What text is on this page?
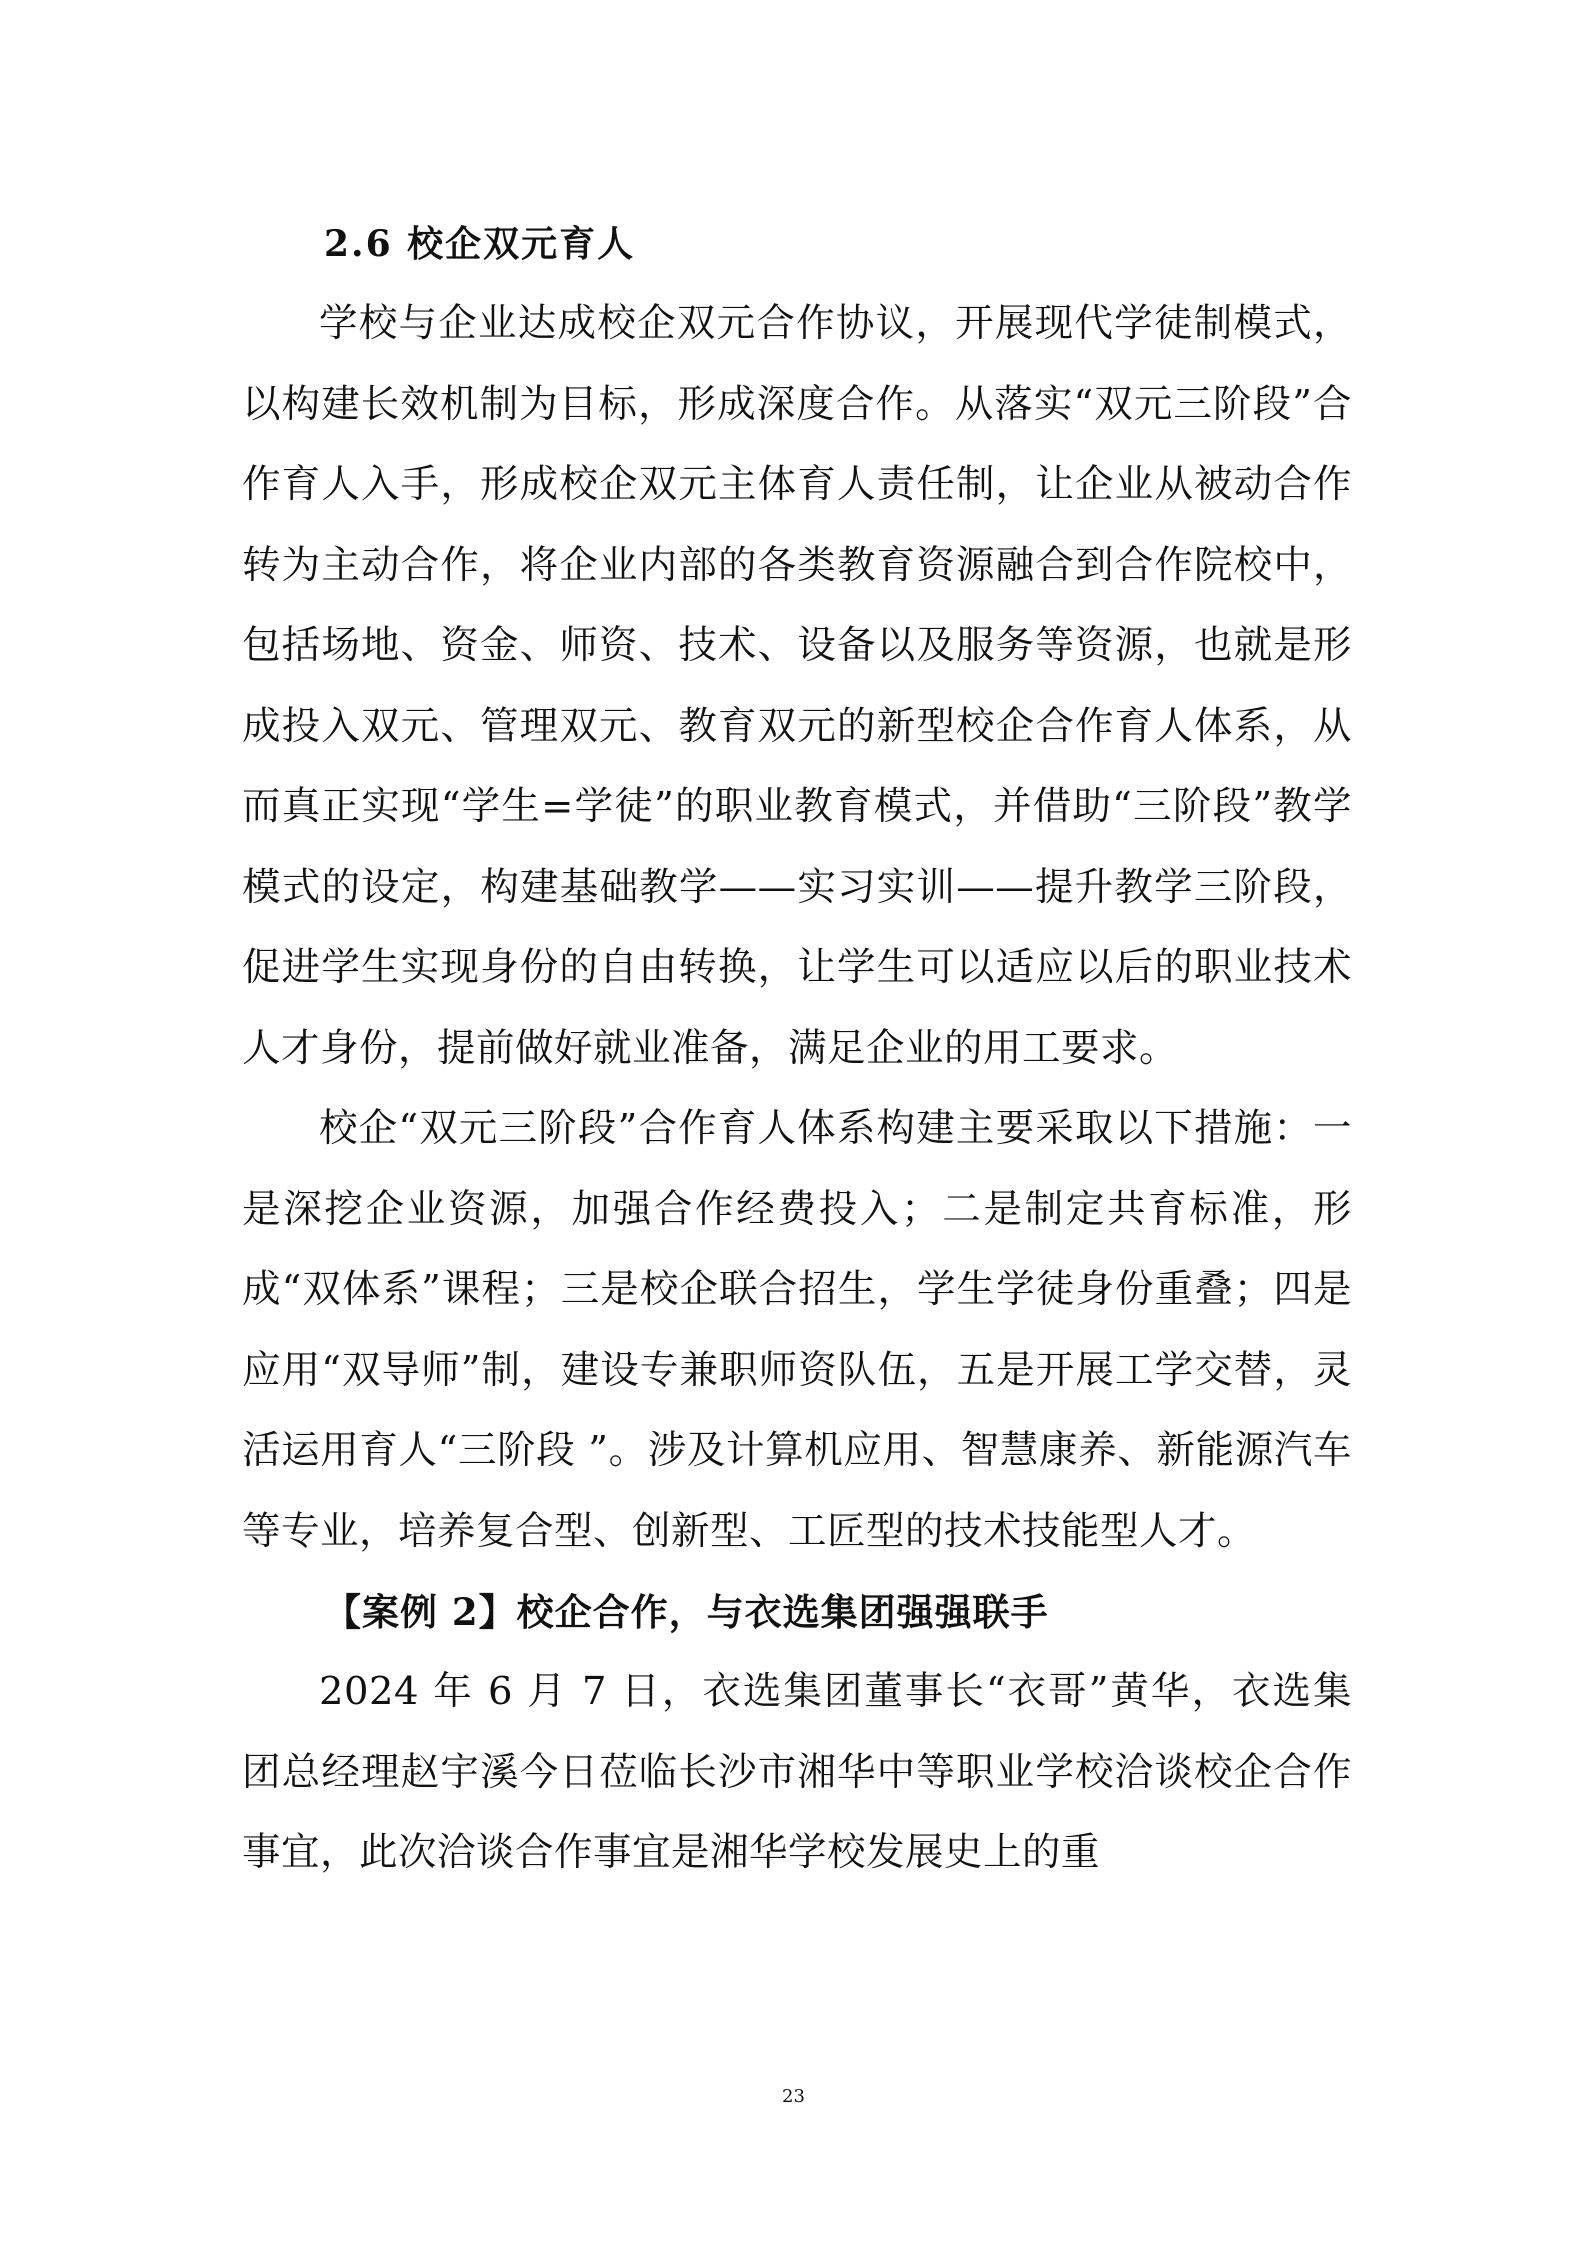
2.6 校企双元育人

学校与企业达成校企双元合作协议，开展现代学徒制模式，以构建长效机制为目标，形成深度合作。从落实“双元三阶段”合作育人入手，形成校企双元主体育人责任制，让企业从被动合作转为主动合作，将企业内部的各类教育资源融合到合作院校中，包括场地、资金、师资、技术、设备以及服务等资源，也就是形成投入双元、管理双元、教育双元的新型校企合作育人体系，从而真正实现“学生=学徒”的职业教育模式，并借助“三阶段”教学模式的设定，构建基础教学——实习实训——提升教学三阶段，促进学生实现身份的自由转换，让学生可以适应以后的职业技术人才身份，提前做好就业准备，满足企业的用工要求。

校企“双元三阶段”合作育人体系构建主要采取以下措施：一是深挖企业资源，加强合作经费投入；二是制定共育标准，形成“双体系”课程；三是校企联合招生，学生学徒身份重叠；四是应用“双导师”制，建设专兼职师资队伍，五是开展工学交替，灵活运用育人“三阶段 ”。涉及计算机应用、智慧康养、新能源汽车等专业，培养复合型、创新型、工匠型的技术技能型人才。

【案例 2】校企合作，与衣选集团强强联手

2024 年 6 月 7 日，衣选集团董事长“衣哥”黄华，衣选集团总经理赵宇溪今日莅临长沙市湘华中等职业学校洽谈校企合作事宜，此次洽谈合作事宜是湘华学校发展史上的重

23
